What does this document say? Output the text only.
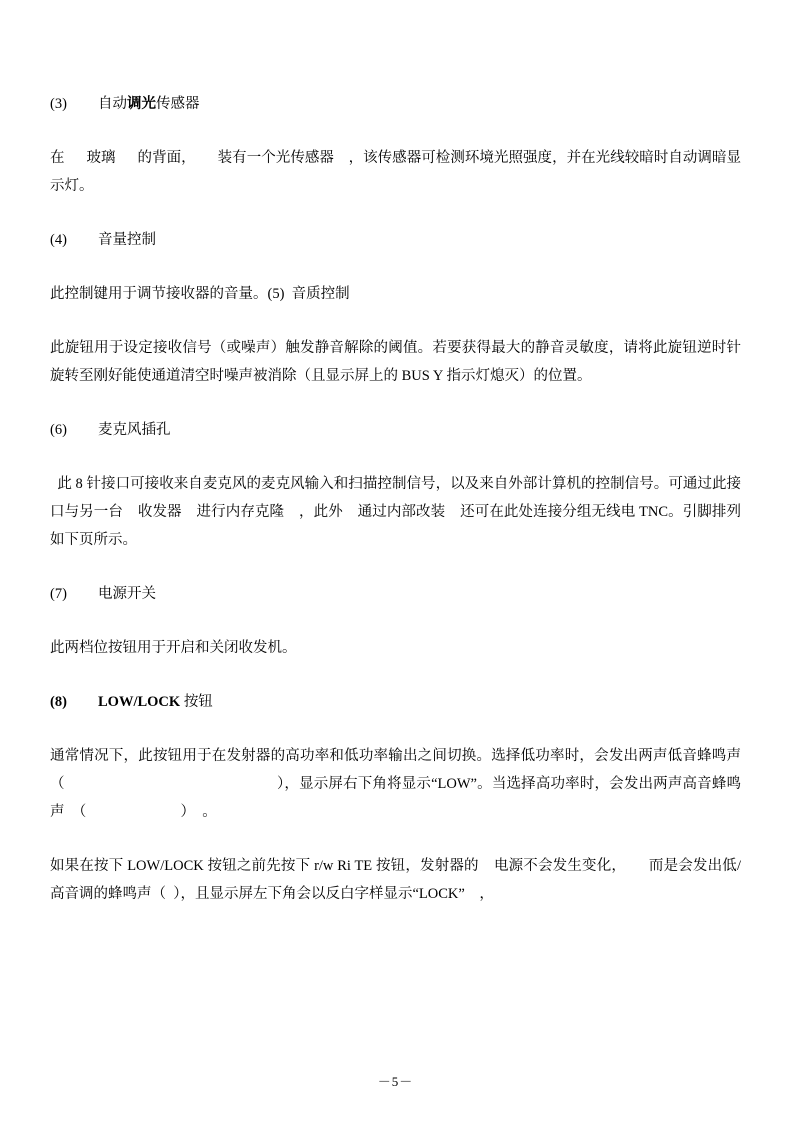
(3)	自动调光传感器

在      玻璃      的背面，      装有一个光传感器    ，该传感器可检测环境光照强度，并在光线较暗时自动调暗显示灯。

(4)	音量控制

此控制键用于调节接收器的音量。(5)  音质控制

此旋钮用于设定接收信号（或噪声）触发静音解除的阈值。若要获得最大的静音灵敏度，请将此旋钮逆时针旋转至刚好能使通道清空时噪声被消除（且显示屏上的 BUS Y 指示灯熄灭）的位置。

(6)	麦克风插孔

此 8 针接口可接收来自麦克风的麦克风输入和扫描控制信号，以及来自外部计算机的控制信号。可通过此接口与另一台    收发器    进行内存克隆    ，此外    通过内部改装    还可在此处连接分组无线电 TNC。引脚排列如下页所示。

(7)	电源开关

此两档位按钮用于开启和关闭收发机。

(8)	LOW/LOCK 按钮

通常情况下，此按钮用于在发射器的高功率和低功率输出之间切换。选择低功率时，会发出两声低音蜂鸣声  （                                                        ），显示屏右下角将显示“LOW”。当选择高功率时，会发出两声高音蜂鸣声  （                          ）  。

如果在按下 LOW/LOCK 按钮之前先按下 r/w Ri TE 按钮，发射器的    电源不会发生变化，      而是会发出低/高音调的蜂鸣声（  ），且显示屏左下角会以反白字样显示“LOCK”    ，

－5－
